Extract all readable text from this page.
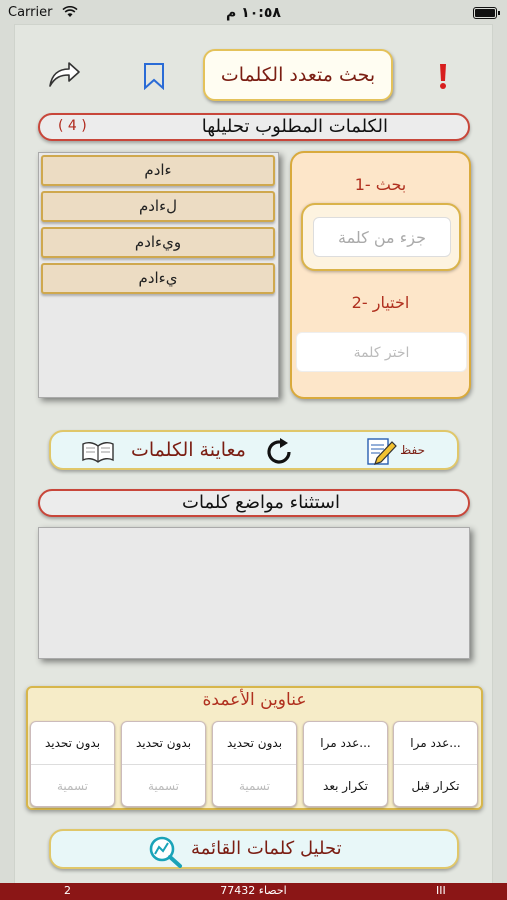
Carrier	١٠:٥٨ م
بحث متعدد الكلمات
الكلمات المطلوب تحليلها
( 4 )
ءادم
لءادم
ويءادم
يءادم
1- بحث
جزء من كلمة
2- اختيار
اختر كلمة
معاينة الكلمات	حفظ
استثناء مواضع كلمات
عناوين الأعمدة
عدد مرا...
تكرار قبل
عدد مرا...
تكرار بعد
بدون تحديد
تسمية
بدون تحديد
تسمية
بدون تحديد
تسمية
تحليل كلمات القائمة
2	احصاء 77432	III
